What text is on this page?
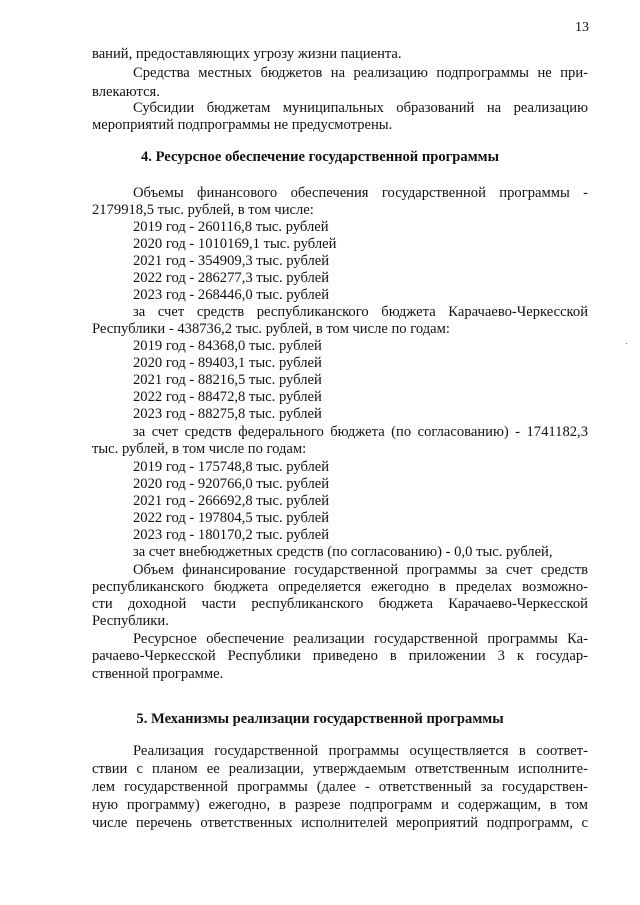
13
ваний, предоставляющих угрозу жизни пациента.
Средства местных бюджетов на реализацию подпрограммы не при-
влекаются.
Субсидии бюджетам муниципальных образований на реализацию
мероприятий подпрограммы не предусмотрены.
4. Ресурсное обеспечение государственной программы
Объемы финансового обеспечения государственной программы -
2179918,5 тыс. рублей, в том числе:
2019 год - 260116,8 тыс. рублей
2020 год - 1010169,1 тыс. рублей
2021 год - 354909,3 тыс. рублей
2022 год - 286277,3 тыс. рублей
2023 год - 268446,0 тыс. рублей
за счет средств республиканского бюджета Карачаево-Черкесской
Республики - 438736,2 тыс. рублей, в том числе по годам:
2019 год - 84368,0 тыс. рублей
2020 год - 89403,1 тыс. рублей
2021 год - 88216,5 тыс. рублей
2022 год - 88472,8 тыс. рублей
2023 год - 88275,8 тыс. рублей
за счет средств федерального бюджета (по согласованию) - 1741182,3
тыс. рублей, в том числе по годам:
2019 год - 175748,8 тыс. рублей
2020 год - 920766,0 тыс. рублей
2021 год - 266692,8 тыс. рублей
2022 год - 197804,5 тыс. рублей
2023 год - 180170,2 тыс. рублей
за счет внебюджетных средств (по согласованию) - 0,0 тыс. рублей,
Объем финансирование государственной программы за счет средств
республиканского бюджета определяется ежегодно в пределах возможно-
сти доходной части республиканского бюджета Карачаево-Черкесской
Республики.
Ресурсное обеспечение реализации государственной программы Ка-
рачаево-Черкесской Республики приведено в приложении 3 к государ-
ственной программе.
5. Механизмы реализации государственной программы
Реализация государственной программы осуществляется в соответ-
ствии с планом ее реализации, утверждаемым ответственным исполните-
лем государственной программы (далее - ответственный за государствен-
ную программу) ежегодно, в разрезе подпрограмм и содержащим, в том
числе перечень ответственных исполнителей мероприятий подпрограмм, с
